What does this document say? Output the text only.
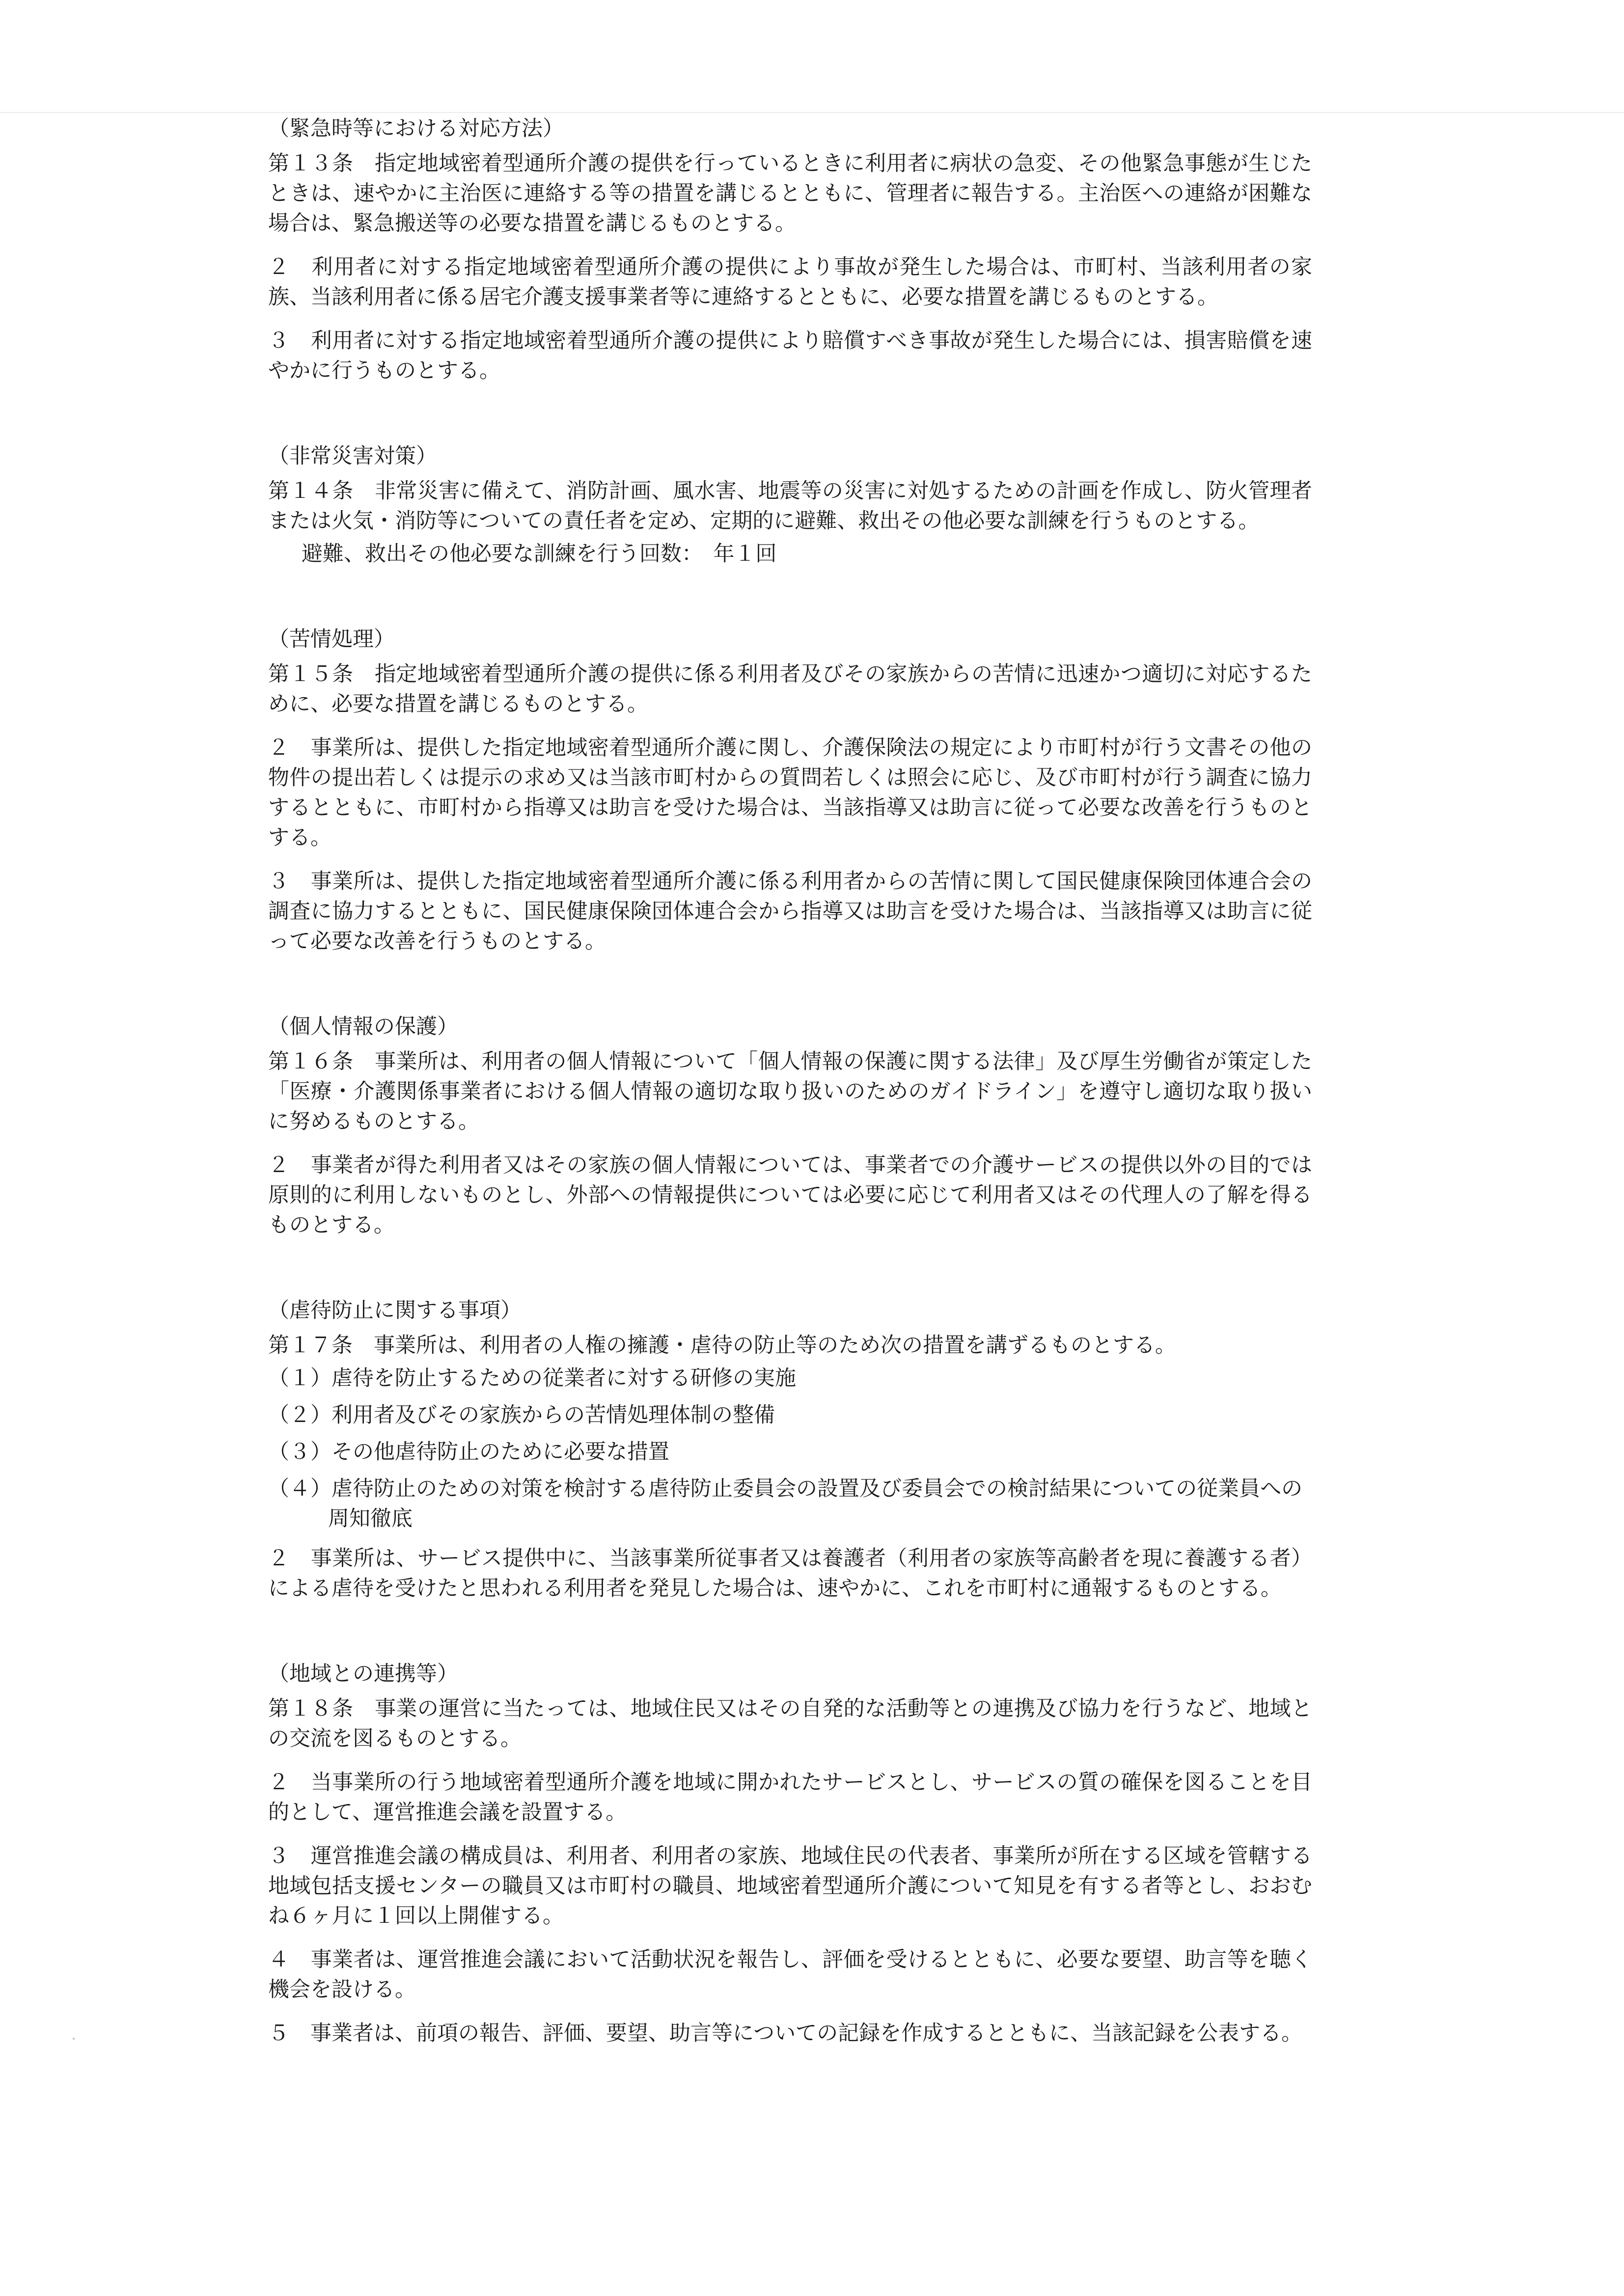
（緊急時等における対応方法）

第１３条　指定地域密着型通所介護の提供を行っているときに利用者に病状の急変、その他緊急事態が生じたときは、速やかに主治医に連絡する等の措置を講じるとともに、管理者に報告する。主治医への連絡が困難な場合は、緊急搬送等の必要な措置を講じるものとする。

２　利用者に対する指定地域密着型通所介護の提供により事故が発生した場合は、市町村、当該利用者の家族、当該利用者に係る居宅介護支援事業者等に連絡するとともに、必要な措置を講じるものとする。

３　利用者に対する指定地域密着型通所介護の提供により賠償すべき事故が発生した場合には、損害賠償を速やかに行うものとする。

（非常災害対策）

第１４条　非常災害に備えて、消防計画、風水害、地震等の災害に対処するための計画を作成し、防火管理者または火気・消防等についての責任者を定め、定期的に避難、救出その他必要な訓練を行うものとする。

避難、救出その他必要な訓練を行う回数：　年１回

（苦情処理）

第１５条　指定地域密着型通所介護の提供に係る利用者及びその家族からの苦情に迅速かつ適切に対応するために、必要な措置を講じるものとする。

２　事業所は、提供した指定地域密着型通所介護に関し、介護保険法の規定により市町村が行う文書その他の物件の提出若しくは提示の求め又は当該市町村からの質問若しくは照会に応じ、及び市町村が行う調査に協力するとともに、市町村から指導又は助言を受けた場合は、当該指導又は助言に従って必要な改善を行うものとする。

３　事業所は、提供した指定地域密着型通所介護に係る利用者からの苦情に関して国民健康保険団体連合会の調査に協力するとともに、国民健康保険団体連合会から指導又は助言を受けた場合は、当該指導又は助言に従って必要な改善を行うものとする。

（個人情報の保護）

第１６条　事業所は、利用者の個人情報について「個人情報の保護に関する法律」及び厚生労働省が策定した「医療・介護関係事業者における個人情報の適切な取り扱いのためのガイドライン」を遵守し適切な取り扱いに努めるものとする。

２　事業者が得た利用者又はその家族の個人情報については、事業者での介護サービスの提供以外の目的では原則的に利用しないものとし、外部への情報提供については必要に応じて利用者又はその代理人の了解を得るものとする。

（虐待防止に関する事項）

第１７条　事業所は、利用者の人権の擁護・虐待の防止等のため次の措置を講ずるものとする。

（１）虐待を防止するための従業者に対する研修の実施
（２）利用者及びその家族からの苦情処理体制の整備
（３）その他虐待防止のために必要な措置
（４）虐待防止のための対策を検討する虐待防止委員会の設置及び委員会での検討結果についての従業員への周知徹底

２　事業所は、サービス提供中に、当該事業所従事者又は養護者（利用者の家族等高齢者を現に養護する者）による虐待を受けたと思われる利用者を発見した場合は、速やかに、これを市町村に通報するものとする。

（地域との連携等）

第１８条　事業の運営に当たっては、地域住民又はその自発的な活動等との連携及び協力を行うなど、地域との交流を図るものとする。

２　当事業所の行う地域密着型通所介護を地域に開かれたサービスとし、サービスの質の確保を図ることを目的として、運営推進会議を設置する。

３　運営推進会議の構成員は、利用者、利用者の家族、地域住民の代表者、事業所が所在する区域を管轄する地域包括支援センターの職員又は市町村の職員、地域密着型通所介護について知見を有する者等とし、おおむね６ヶ月に１回以上開催する。

４　事業者は、運営推進会議において活動状況を報告し、評価を受けるとともに、必要な要望、助言等を聴く機会を設ける。

５　事業者は、前項の報告、評価、要望、助言等についての記録を作成するとともに、当該記録を公表する。
